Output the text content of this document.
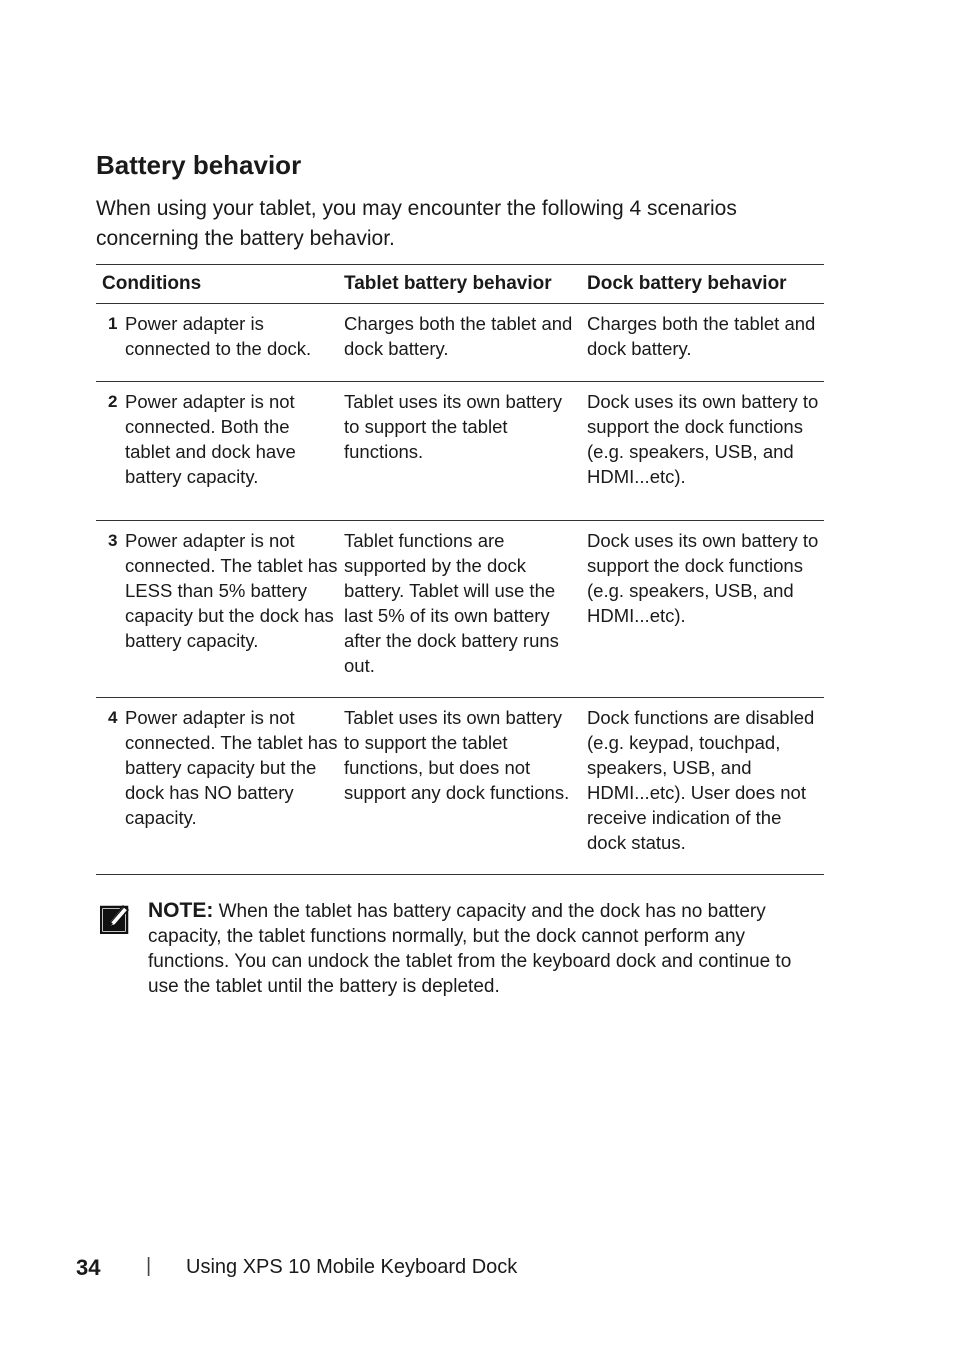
Battery behavior

When using your tablet, you may encounter the following 4 scenarios concerning the battery behavior.

Conditions	Tablet battery behavior	Dock battery behavior

1 Power adapter is connected to the dock.	Charges both the tablet and dock battery.	Charges both the tablet and dock battery.

2 Power adapter is not connected. Both the tablet and dock have battery capacity.	Tablet uses its own battery to support the tablet functions.	Dock uses its own battery to support the dock functions (e.g. speakers, USB, and HDMI...etc).

3 Power adapter is not connected. The tablet has LESS than 5% battery capacity but the dock has battery capacity.	Tablet functions are supported by the dock battery. Tablet will use the last 5% of its own battery after the dock battery runs out.	Dock uses its own battery to support the dock functions (e.g. speakers, USB, and HDMI...etc).

4 Power adapter is not connected. The tablet has battery capacity but the dock has NO battery capacity.	Tablet uses its own battery to support the tablet functions, but does not support any dock functions.	Dock functions are disabled (e.g. keypad, touchpad, speakers, USB, and HDMI...etc). User does not receive indication of the dock status.
NOTE: When the tablet has battery capacity and the dock has no battery capacity, the tablet functions normally, but the dock cannot perform any functions. You can undock the tablet from the keyboard dock and continue to use the tablet until the battery is depleted.
34 | Using XPS 10 Mobile Keyboard Dock
